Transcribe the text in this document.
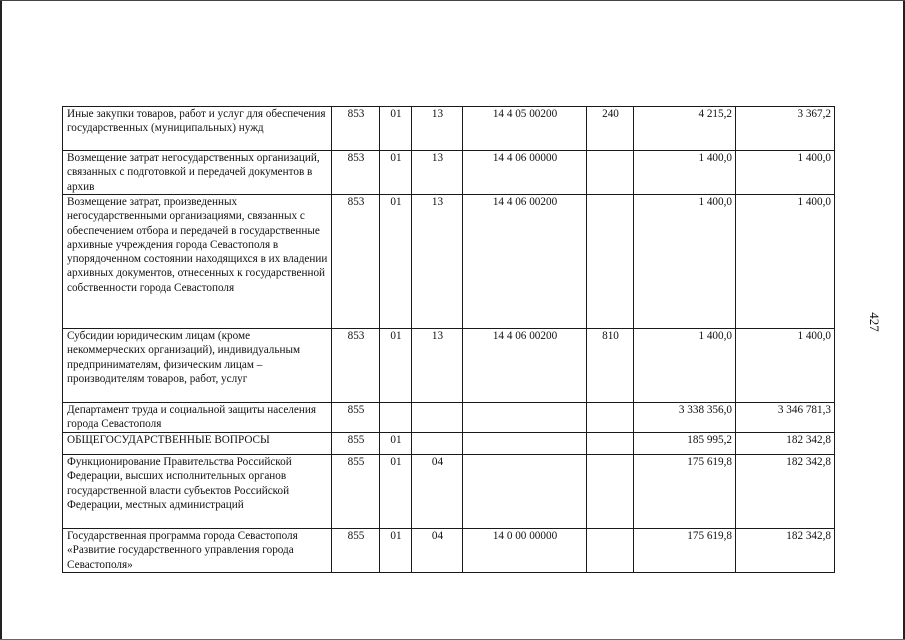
427
Иные закупки товаров, работ и услуг для обеспечения государственных (муниципальных) нужд	853	01	13	14 4 05 00200	240	4 215,2	3 367,2
Возмещение затрат негосударственных организаций, связанных с подготовкой и передачей документов в архив	853	01	13	14 4 06 00000		1 400,0	1 400,0
Возмещение затрат, произведенных негосударственными организациями, связанных с обеспечением отбора и передачей в государственные архивные учреждения города Севастополя в упорядоченном состоянии находящихся в их владении архивных документов, отнесенных к государственной собственности города Севастополя	853	01	13	14 4 06 00200		1 400,0	1 400,0
Субсидии юридическим лицам (кроме некоммерческих организаций), индивидуальным предпринимателям, физическим лицам – производителям товаров, работ, услуг	853	01	13	14 4 06 00200	810	1 400,0	1 400,0
Департамент труда и социальной защиты населения города Севастополя	855					3 338 356,0	3 346 781,3
ОБЩЕГОСУДАРСТВЕННЫЕ ВОПРОСЫ	855	01				185 995,2	182 342,8
Функционирование Правительства Российской Федерации, высших исполнительных органов государственной власти субъектов Российской Федерации, местных администраций	855	01	04			175 619,8	182 342,8
Государственная программа города Севастополя «Развитие государственного управления города Севастополя»	855	01	04	14 0 00 00000		175 619,8	182 342,8
